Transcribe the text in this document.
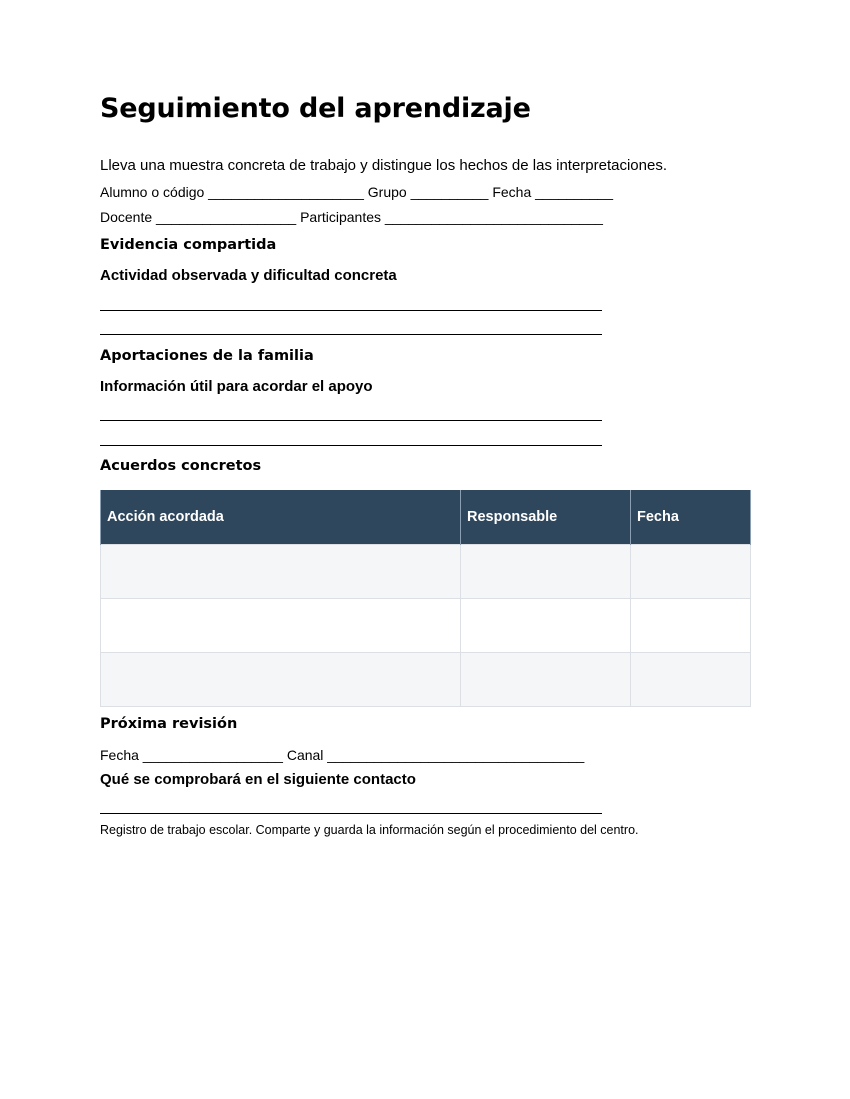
Seguimiento del aprendizaje
Lleva una muestra concreta de trabajo y distingue los hechos de las interpretaciones.
Alumno o código ____________________ Grupo __________ Fecha __________
Docente __________________ Participantes ____________________________
Evidencia compartida
Actividad observada y dificultad concreta
Aportaciones de la familia
Información útil para acordar el apoyo
Acuerdos concretos
Acción acordada	Responsable	Fecha

Próxima revisión
Fecha __________________ Canal _________________________________
Qué se comprobará en el siguiente contacto
Registro de trabajo escolar. Comparte y guarda la información según el procedimiento del centro.
